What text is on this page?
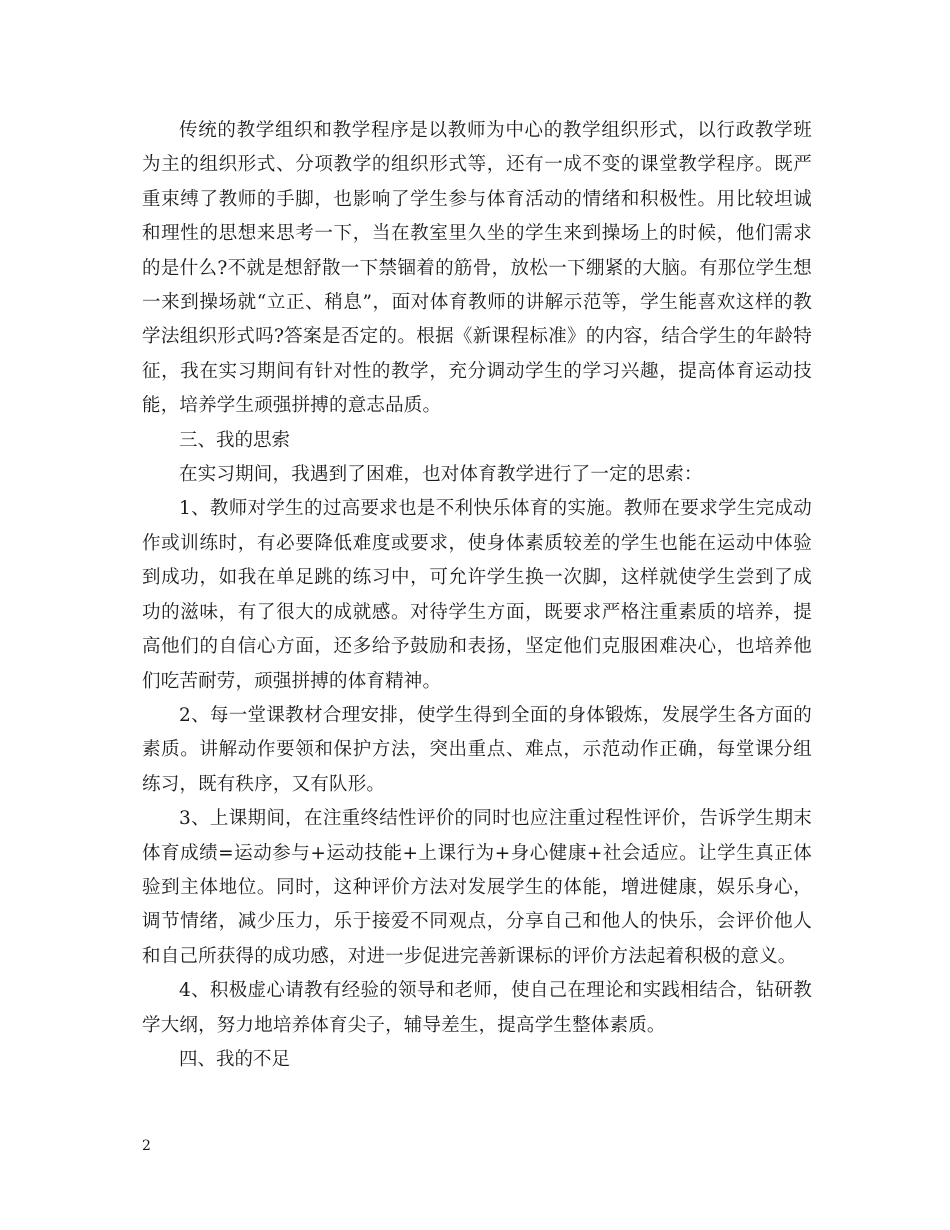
传统的教学组织和教学程序是以教师为中心的教学组织形式，以行政教学班为主的组织形式、分项教学的组织形式等，还有一成不变的课堂教学程序。既严重束缚了教师的手脚，也影响了学生参与体育活动的情绪和积极性。用比较坦诚和理性的思想来思考一下，当在教室里久坐的学生来到操场上的时候，他们需求的是什么?不就是想舒散一下禁锢着的筋骨，放松一下绷紧的大脑。有那位学生想一来到操场就“立正、稍息”，面对体育教师的讲解示范等，学生能喜欢这样的教学法组织形式吗?答案是否定的。根据《新课程标准》的内容，结合学生的年龄特征，我在实习期间有针对性的教学，充分调动学生的学习兴趣，提高体育运动技能，培养学生顽强拼搏的意志品质。

三、我的思索

在实习期间，我遇到了困难，也对体育教学进行了一定的思索：

1、教师对学生的过高要求也是不利快乐体育的实施。教师在要求学生完成动作或训练时，有必要降低难度或要求，使身体素质较差的学生也能在运动中体验到成功，如我在单足跳的练习中，可允许学生换一次脚，这样就使学生尝到了成功的滋味，有了很大的成就感。对待学生方面，既要求严格注重素质的培养，提高他们的自信心方面，还多给予鼓励和表扬，坚定他们克服困难决心，也培养他们吃苦耐劳，顽强拼搏的体育精神。

2、每一堂课教材合理安排，使学生得到全面的身体锻炼，发展学生各方面的素质。讲解动作要领和保护方法，突出重点、难点，示范动作正确，每堂课分组练习，既有秩序，又有队形。

3、上课期间，在注重终结性评价的同时也应注重过程性评价，告诉学生期末体育成绩=运动参与+运动技能+上课行为+身心健康+社会适应。让学生真正体验到主体地位。同时，这种评价方法对发展学生的体能，增进健康，娱乐身心，调节情绪，减少压力，乐于接爱不同观点，分享自己和他人的快乐，会评价他人和自己所获得的成功感，对进一步促进完善新课标的评价方法起着积极的意义。

4、积极虚心请教有经验的领导和老师，使自己在理论和实践相结合，钻研教学大纲，努力地培养体育尖子，辅导差生，提高学生整体素质。

四、我的不足

2
